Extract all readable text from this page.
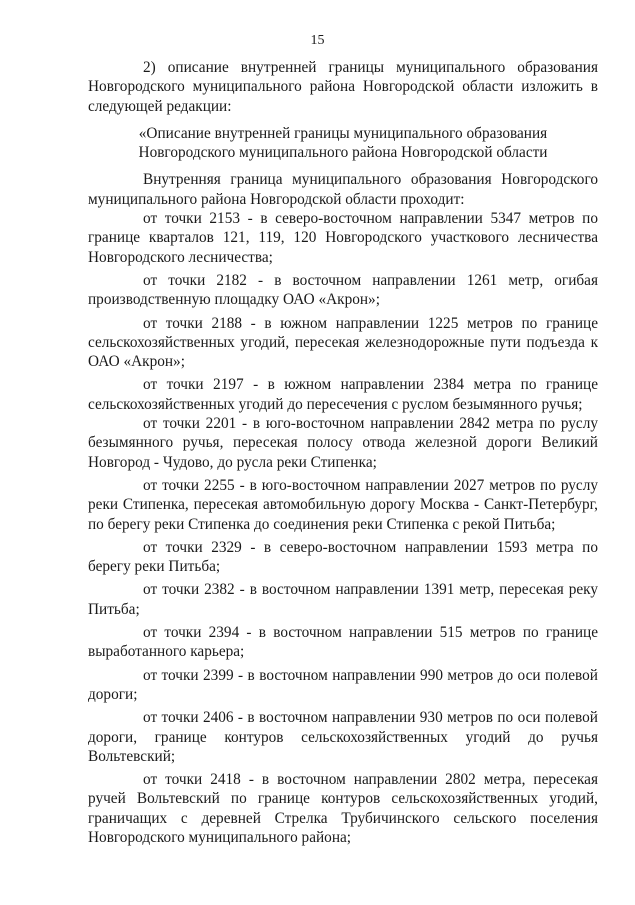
15

2) описание внутренней границы муниципального образования Новгородского муниципального района Новгородской области изложить в следующей редакции:

«Описание внутренней границы муниципального образования
Новгородского муниципального района Новгородской области

Внутренняя граница муниципального образования Новгородского муниципального района Новгородской области проходит:

от точки 2153 - в северо-восточном направлении 5347 метров по границе кварталов 121, 119, 120 Новгородского участкового лесничества Новгородского лесничества;

от точки 2182 - в восточном направлении 1261 метр, огибая производственную площадку ОАО «Акрон»;

от точки 2188 - в южном направлении 1225 метров по границе сельскохозяйственных угодий, пересекая железнодорожные пути подъезда к ОАО «Акрон»;

от точки 2197 - в южном направлении 2384 метра по границе сельскохозяйственных угодий до пересечения с руслом безымянного ручья;

от точки 2201 - в юго-восточном направлении 2842 метра по руслу безымянного ручья, пересекая полосу отвода железной дороги Великий Новгород - Чудово, до русла реки Стипенка;

от точки 2255 - в юго-восточном направлении 2027 метров по руслу реки Стипенка, пересекая автомобильную дорогу Москва - Санкт-Петербург, по берегу реки Стипенка до соединения реки Стипенка с рекой Питьба;

от точки 2329 - в северо-восточном направлении 1593 метра по берегу реки Питьба;

от точки 2382 - в восточном направлении 1391 метр, пересекая реку Питьба;

от точки 2394 - в восточном направлении 515 метров по границе выработанного карьера;

от точки 2399 - в восточном направлении 990 метров до оси полевой дороги;

от точки 2406 - в восточном направлении 930 метров по оси полевой дороги, границе контуров сельскохозяйственных угодий до ручья Вольтевский;

от точки 2418 - в восточном направлении 2802 метра, пересекая ручей Вольтевский по границе контуров сельскохозяйственных угодий, граничащих с деревней Стрелка Трубичинского сельского поселения Новгородского муниципального района;
